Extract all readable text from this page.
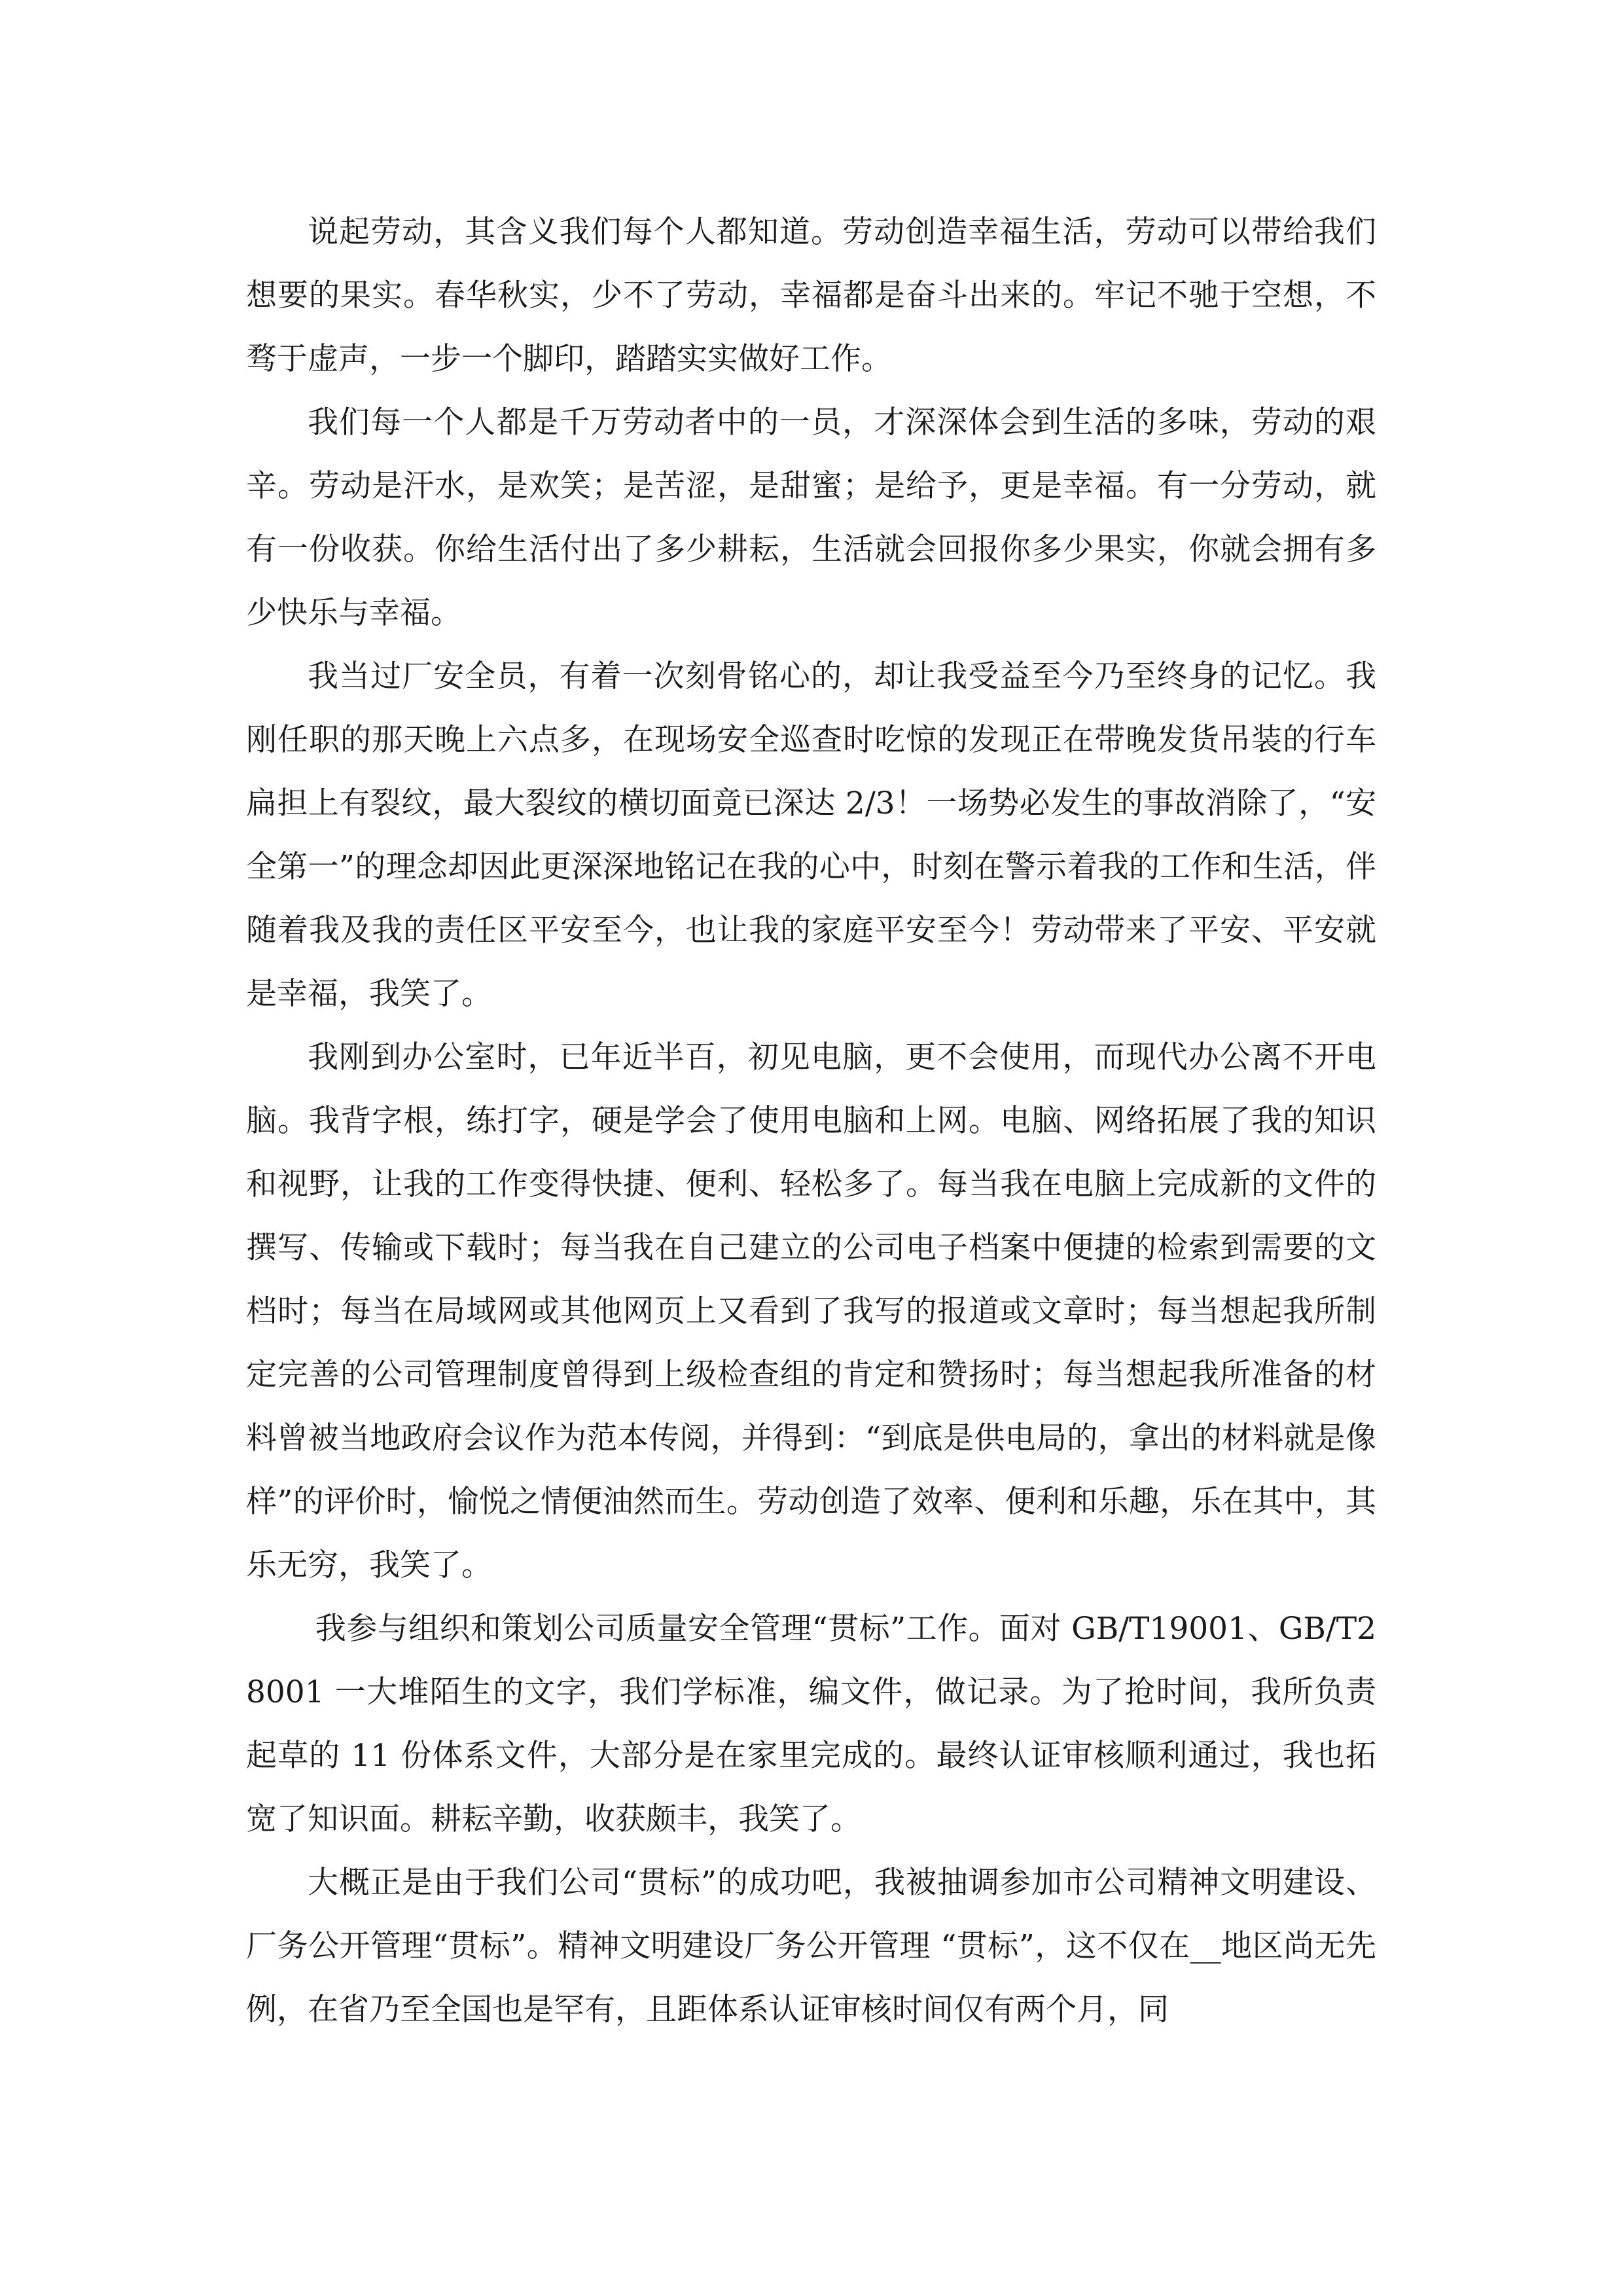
说起劳动，其含义我们每个人都知道。劳动创造幸福生活，劳动可以带给我们想要的果实。春华秋实，少不了劳动，幸福都是奋斗出来的。牢记不驰于空想，不骛于虚声，一步一个脚印，踏踏实实做好工作。

我们每一个人都是千万劳动者中的一员，才深深体会到生活的多味，劳动的艰辛。劳动是汗水，是欢笑；是苦涩，是甜蜜；是给予，更是幸福。有一分劳动，就有一份收获。你给生活付出了多少耕耘，生活就会回报你多少果实，你就会拥有多少快乐与幸福。

我当过厂安全员，有着一次刻骨铭心的，却让我受益至今乃至终身的记忆。我刚任职的那天晚上六点多，在现场安全巡查时吃惊的发现正在带晚发货吊装的行车扁担上有裂纹，最大裂纹的横切面竟已深达 2/3！一场势必发生的事故消除了，“安全第一”的理念却因此更深深地铭记在我的心中，时刻在警示着我的工作和生活，伴随着我及我的责任区平安至今，也让我的家庭平安至今！劳动带来了平安、平安就是幸福，我笑了。

我刚到办公室时，已年近半百，初见电脑，更不会使用，而现代办公离不开电脑。我背字根，练打字，硬是学会了使用电脑和上网。电脑、网络拓展了我的知识和视野，让我的工作变得快捷、便利、轻松多了。每当我在电脑上完成新的文件的撰写、传输或下载时；每当我在自己建立的公司电子档案中便捷的检索到需要的文档时；每当在局域网或其他网页上又看到了我写的报道或文章时；每当想起我所制定完善的公司管理制度曾得到上级检查组的肯定和赞扬时；每当想起我所准备的材料曾被当地政府会议作为范本传阅，并得到：“到底是供电局的，拿出的材料就是像样”的评价时，愉悦之情便油然而生。劳动创造了效率、便利和乐趣，乐在其中，其乐无穷，我笑了。

我参与组织和策划公司质量安全管理“贯标”工作。面对 GB/T19001、GB/T28001 一大堆陌生的文字，我们学标准，编文件，做记录。为了抢时间，我所负责起草的 11 份体系文件，大部分是在家里完成的。最终认证审核顺利通过，我也拓宽了知识面。耕耘辛勤，收获颇丰，我笑了。

大概正是由于我们公司“贯标”的成功吧，我被抽调参加市公司精神文明建设、厂务公开管理“贯标”。精神文明建设厂务公开管理 “贯标”，这不仅在__地区尚无先例，在省乃至全国也是罕有，且距体系认证审核时间仅有两个月，同
